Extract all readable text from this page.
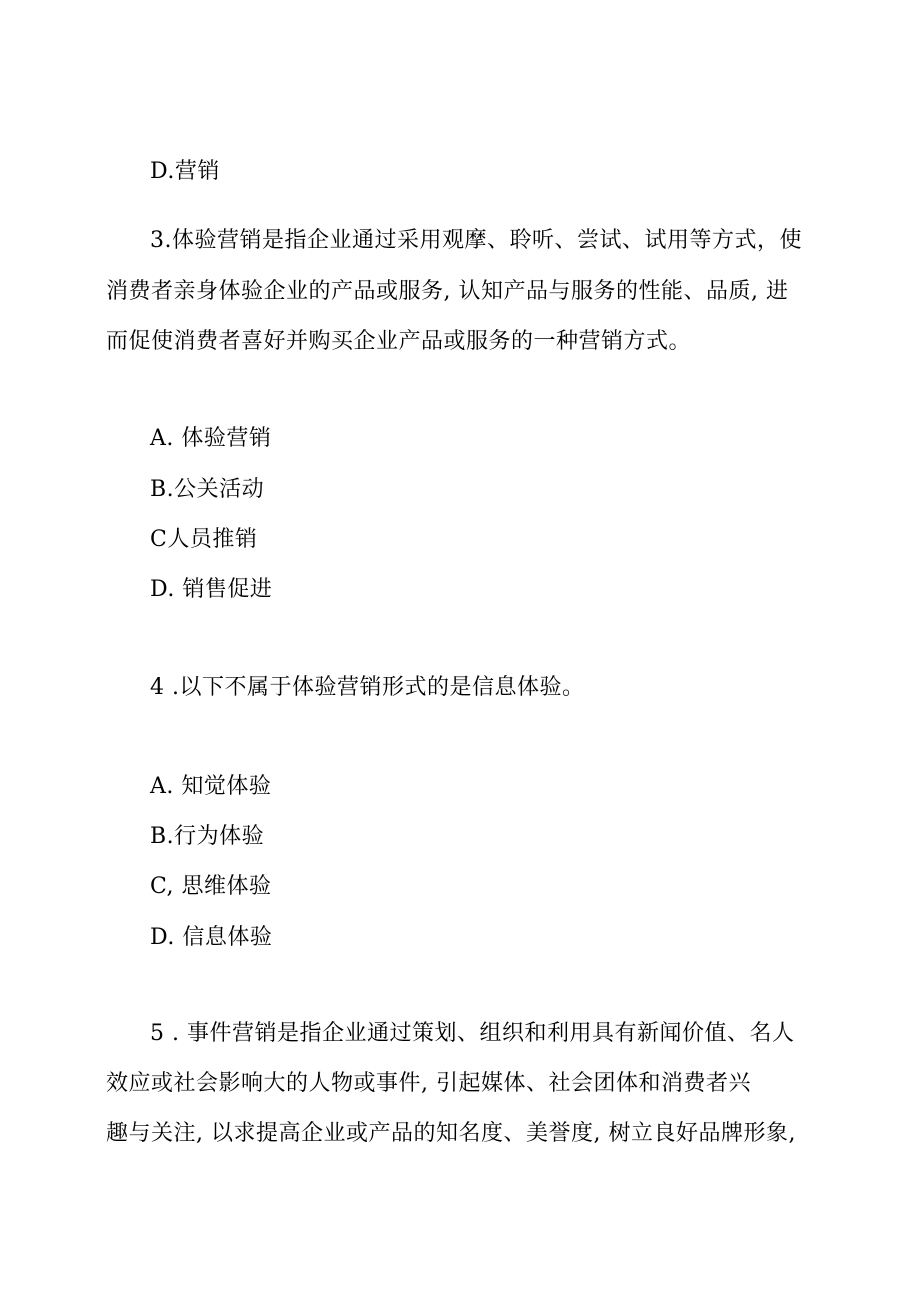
D.营销
3.体验营销是指企业通过采用观摩、聆听、尝试、试用等方式，使
消费者亲身体验企业的产品或服务, 认知产品与服务的性能、品质, 进
而促使消费者喜好并购买企业产品或服务的一种营销方式。
A. 体验营销
B.公关活动
C人员推销
D. 销售促进
4 .以下不属于体验营销形式的是信息体验。
A. 知觉体验
B.行为体验
C, 思维体验
D. 信息体验
5 . 事件营销是指企业通过策划、组织和利用具有新闻价值、名人
效应或社会影响大的人物或事件, 引起媒体、社会团体和消费者兴
趣与关注, 以求提高企业或产品的知名度、美誉度, 树立良好品牌形象,
